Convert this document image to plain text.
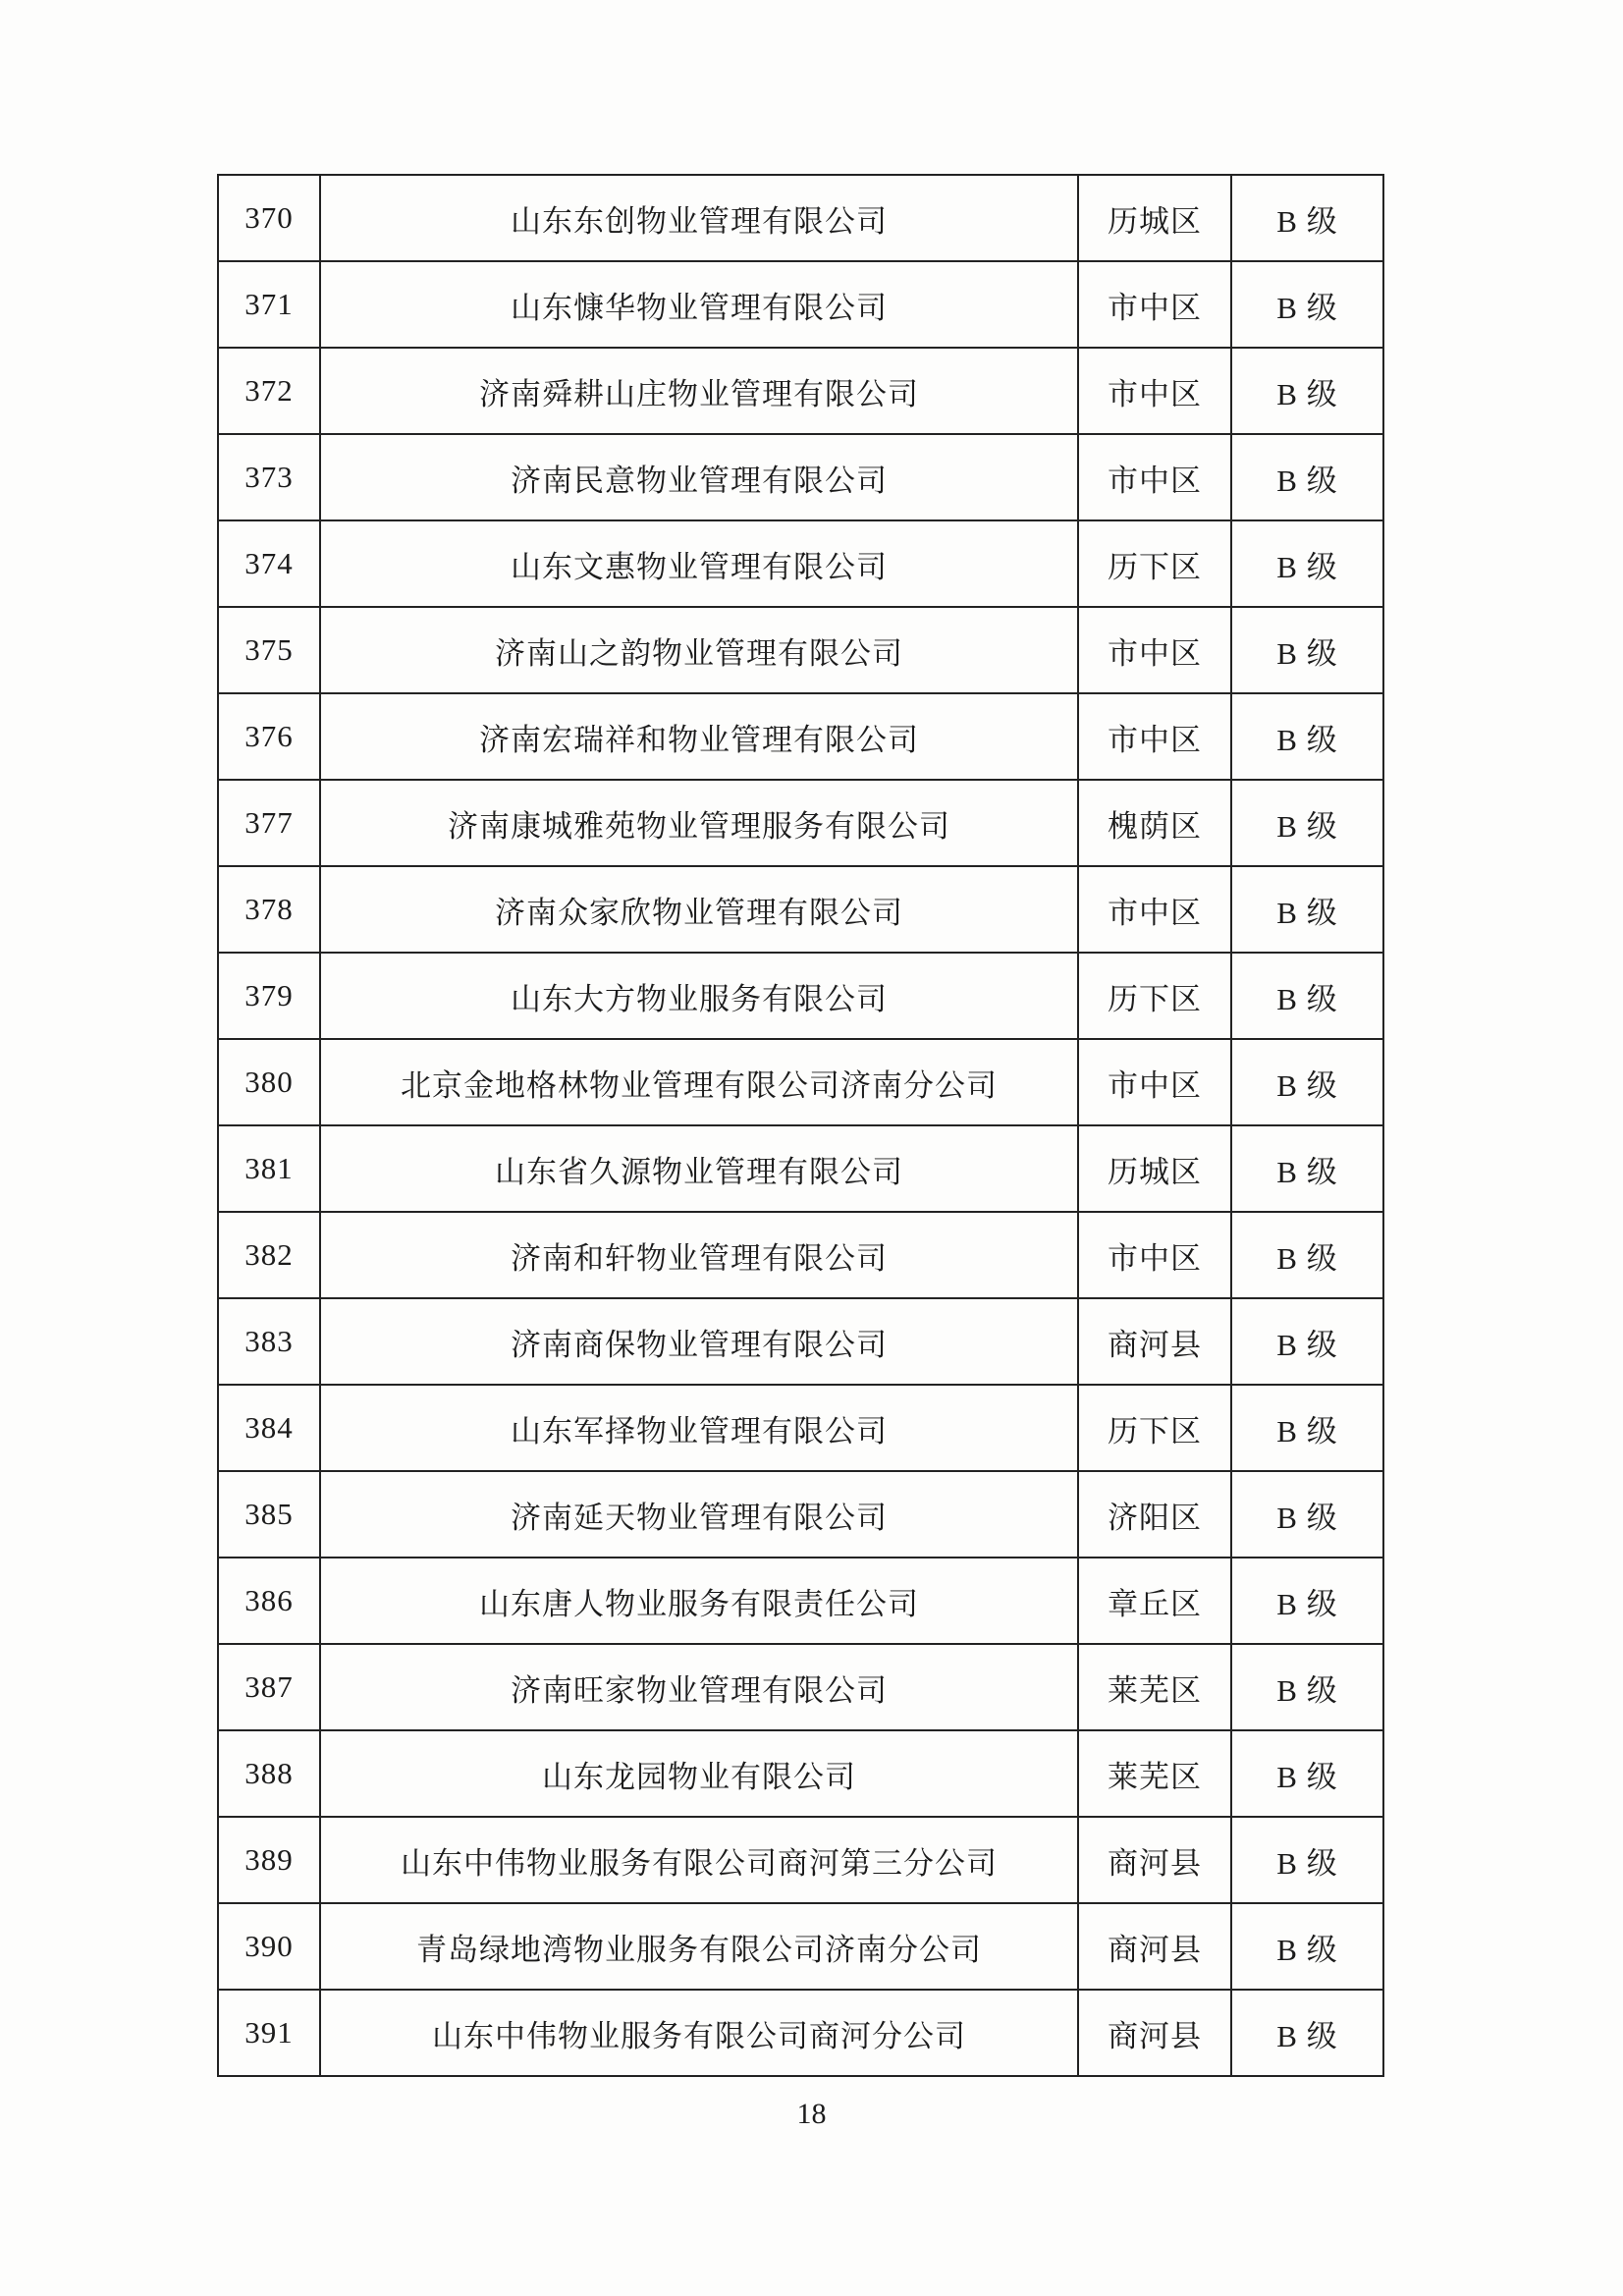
370	山东东创物业管理有限公司	历城区	B 级
371	山东慷华物业管理有限公司	市中区	B 级
372	济南舜耕山庄物业管理有限公司	市中区	B 级
373	济南民意物业管理有限公司	市中区	B 级
374	山东文惠物业管理有限公司	历下区	B 级
375	济南山之韵物业管理有限公司	市中区	B 级
376	济南宏瑞祥和物业管理有限公司	市中区	B 级
377	济南康城雅苑物业管理服务有限公司	槐荫区	B 级
378	济南众家欣物业管理有限公司	市中区	B 级
379	山东大方物业服务有限公司	历下区	B 级
380	北京金地格林物业管理有限公司济南分公司	市中区	B 级
381	山东省久源物业管理有限公司	历城区	B 级
382	济南和轩物业管理有限公司	市中区	B 级
383	济南商保物业管理有限公司	商河县	B 级
384	山东军择物业管理有限公司	历下区	B 级
385	济南延天物业管理有限公司	济阳区	B 级
386	山东唐人物业服务有限责任公司	章丘区	B 级
387	济南旺家物业管理有限公司	莱芜区	B 级
388	山东龙园物业有限公司	莱芜区	B 级
389	山东中伟物业服务有限公司商河第三分公司	商河县	B 级
390	青岛绿地湾物业服务有限公司济南分公司	商河县	B 级
391	山东中伟物业服务有限公司商河分公司	商河县	B 级
18
